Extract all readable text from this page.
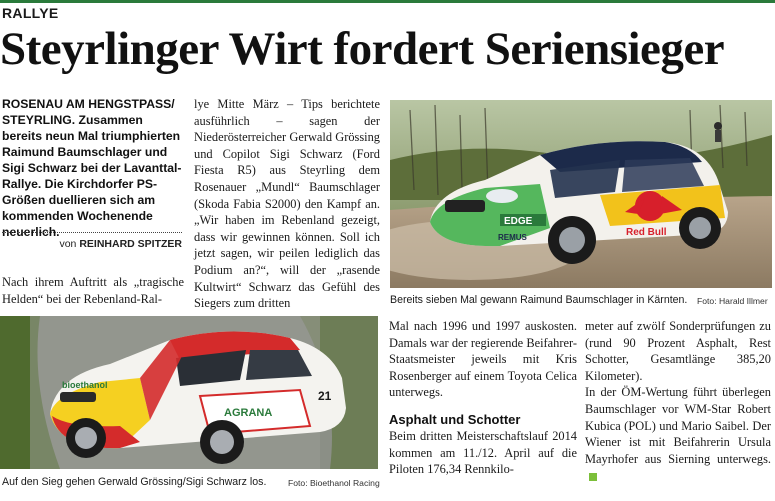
RALLYE
Steyrlinger Wirt fordert Seriensieger
ROSENAU AM HENGSTPASS/ STEYRLING. Zusammen bereits neun Mal triumphierten Raimund Baumschlager und Sigi Schwarz bei der Lavanttal-Rallye. Die Kirchdorfer PS-Größen duellieren sich am kommenden Wochenende neuerlich.
von REINHARD SPITZER
Nach ihrem Auftritt als „tragische Helden“ bei der Rebenland-Ral-
lye Mitte März – Tips berichtete ausführlich – sagen der Niederösterreicher Gerwald Grössing und Copilot Sigi Schwarz (Ford Fiesta R5) aus Steyrling dem Rosenauer „Mundl“ Baumschlager (Skoda Fabia S2000) den Kampf an. „Wir haben im Rebenland gezeigt, dass wir gewinnen können. Soll ich jetzt sagen, wir peilen lediglich das Podium an?“, will der „rasende Kultwirt“ Schwarz das Gefühl des Siegers zum dritten
Mal nach 1996 und 1997 auskosten. Damals war der regierende Beifahrer-Staatsmeister jeweils mit Kris Rosenberger auf einem Toyota Celica unterwegs.
Asphalt und Schotter
Beim dritten Meisterschaftslauf 2014 kommen am 11./12. April auf die Piloten 176,34 Rennkilo-
meter auf zwölf Sonderprüfungen zu (rund 90 Prozent Asphalt, Rest Schotter, Gesamtlänge 385,20 Kilometer).
In der ÖM-Wertung führt überlegen Baumschlager vor WM-Star Robert Kubica (POL) und Mario Saibel. Der Wiener ist mit Beifahrerin Ursula Mayrhofer aus Sierning unterwegs.
Red Bull
EDGE
REMUS
Bereits sieben Mal gewann Raimund Baumschlager in Kärnten. Foto: Harald Illmer
bioethanol
AGRANA
21
Auf den Sieg gehen Gerwald Grössing/Sigi Schwarz los.	Foto: Bioethanol Racing
